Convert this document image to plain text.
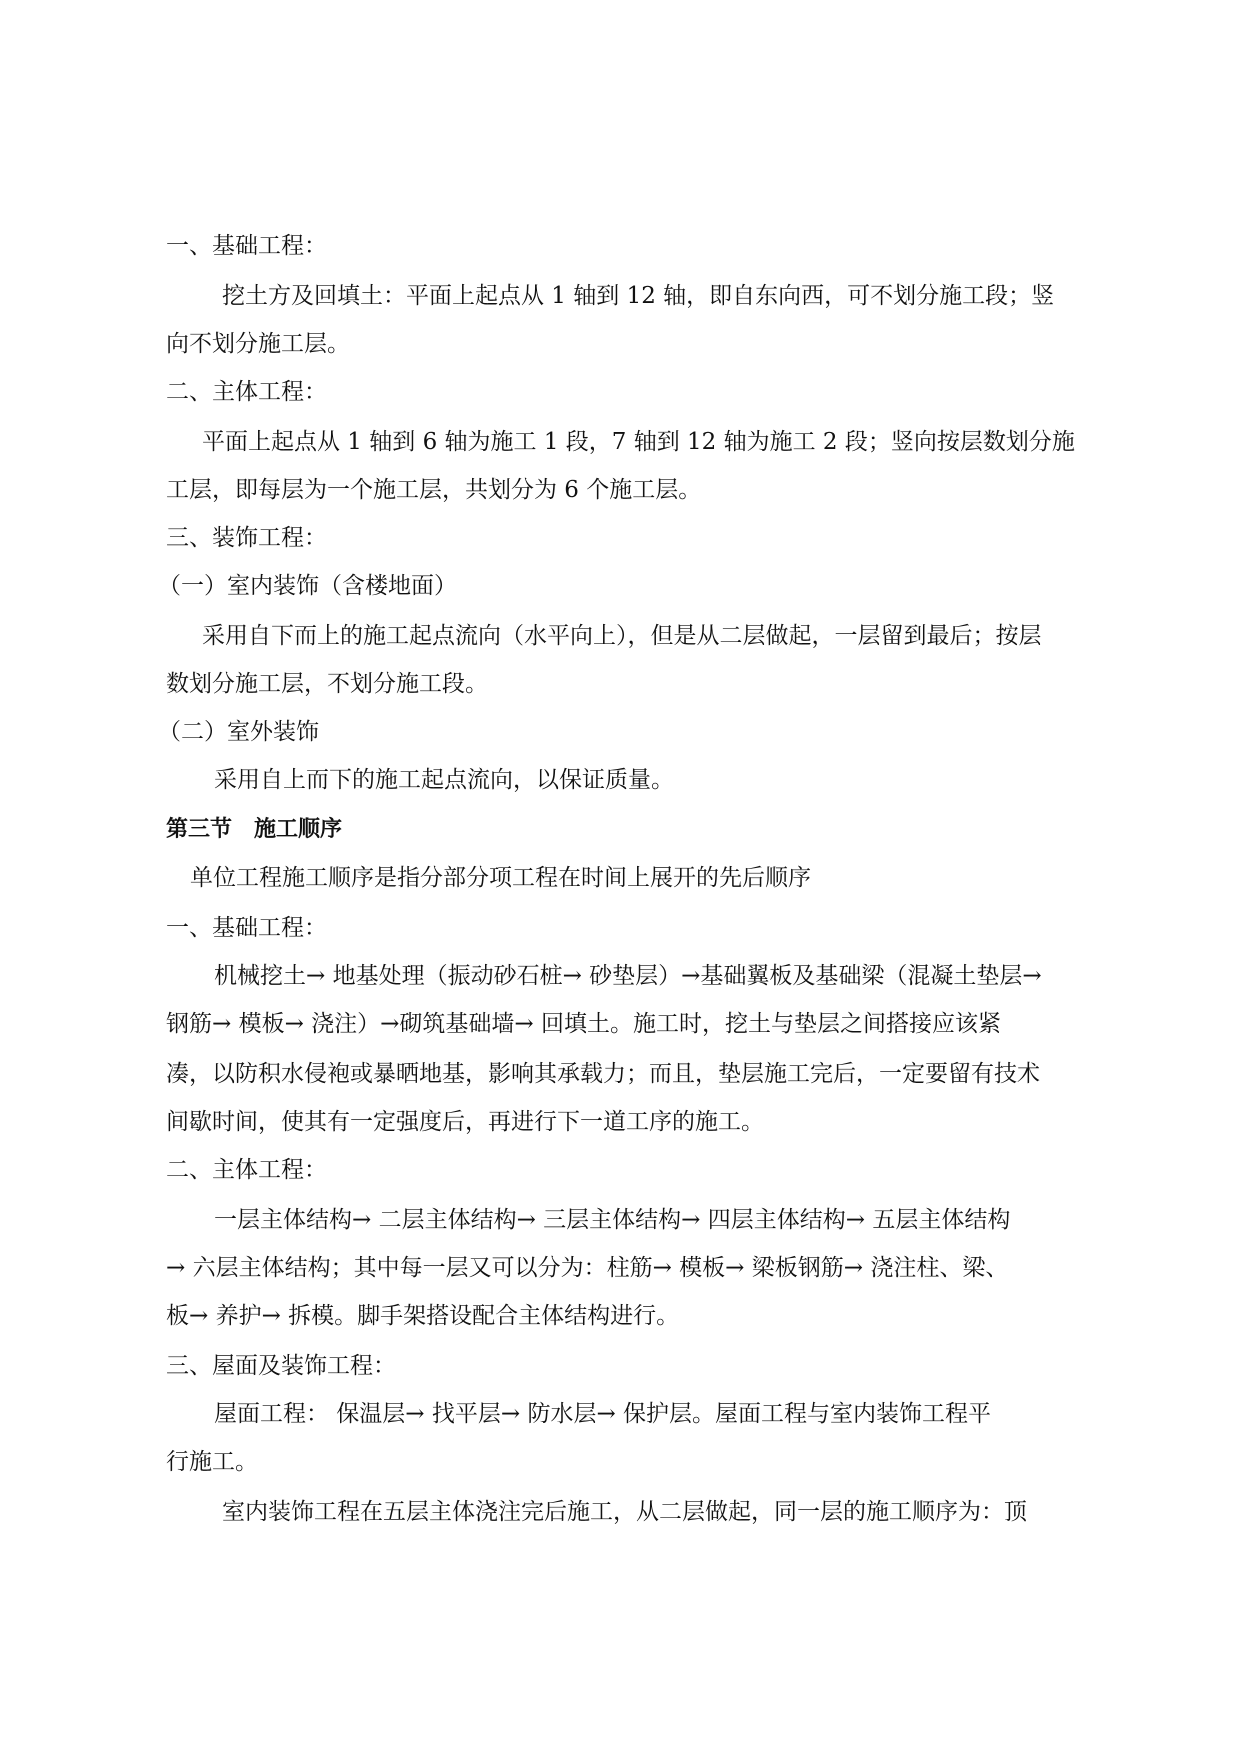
一、基础工程：

挖土方及回填土：平面上起点从 1 轴到 12 轴，即自东向西，可不划分施工段；竖

向不划分施工层。

二、主体工程：

平面上起点从 1 轴到 6 轴为施工 1 段，7 轴到 12 轴为施工 2 段；竖向按层数划分施

工层，即每层为一个施工层，共划分为 6 个施工层。

三、装饰工程：

（一）室内装饰（含楼地面）

采用自下而上的施工起点流向（水平向上），但是从二层做起，一层留到最后；按层

数划分施工层，不划分施工段。

（二）室外装饰

采用自上而下的施工起点流向，以保证质量。

第三节　施工顺序

单位工程施工顺序是指分部分项工程在时间上展开的先后顺序

一、基础工程：

机械挖土→ 地基处理（振动砂石桩→ 砂垫层）→基础翼板及基础梁（混凝土垫层→

钢筋→ 模板→ 浇注）→砌筑基础墙→ 回填土。施工时，挖土与垫层之间搭接应该紧

凑，以防积水侵袍或暴晒地基，影响其承载力；而且，垫层施工完后，一定要留有技术

间歇时间，使其有一定强度后，再进行下一道工序的施工。

二、主体工程：

一层主体结构→ 二层主体结构→ 三层主体结构→ 四层主体结构→ 五层主体结构

→ 六层主体结构；其中每一层又可以分为：柱筋→ 模板→ 梁板钢筋→ 浇注柱、梁、

板→ 养护→ 拆模。脚手架搭设配合主体结构进行。

三、屋面及装饰工程：

屋面工程： 保温层→ 找平层→ 防水层→ 保护层。屋面工程与室内装饰工程平

行施工。

室内装饰工程在五层主体浇注完后施工，从二层做起，同一层的施工顺序为：顶
